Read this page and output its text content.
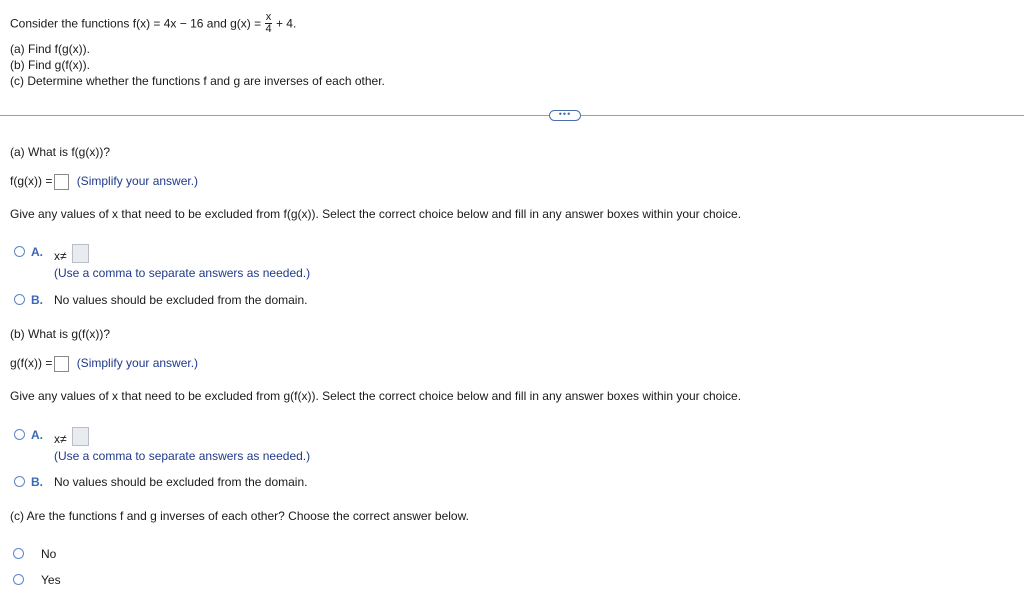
Consider the functions f(x) = 4x − 16 and $g(x) = \frac{x}{4} + 4$.
(a) Find f(g(x)).
(b) Find g(f(x)).
(c) Determine whether the functions f and g are inverses of each other.
•••
(a) What is f(g(x))?
f(g(x)) = (Simplify your answer.)
Give any values of x that need to be excluded from f(g(x)). Select the correct choice below and fill in any answer boxes within your choice.
A. x≠
(Use a comma to separate answers as needed.)
B. No values should be excluded from the domain.
(b) What is g(f(x))?
g(f(x)) = (Simplify your answer.)
Give any values of x that need to be excluded from g(f(x)). Select the correct choice below and fill in any answer boxes within your choice.
A. x≠
(Use a comma to separate answers as needed.)
B. No values should be excluded from the domain.
(c) Are the functions f and g inverses of each other? Choose the correct answer below.
No
Yes
